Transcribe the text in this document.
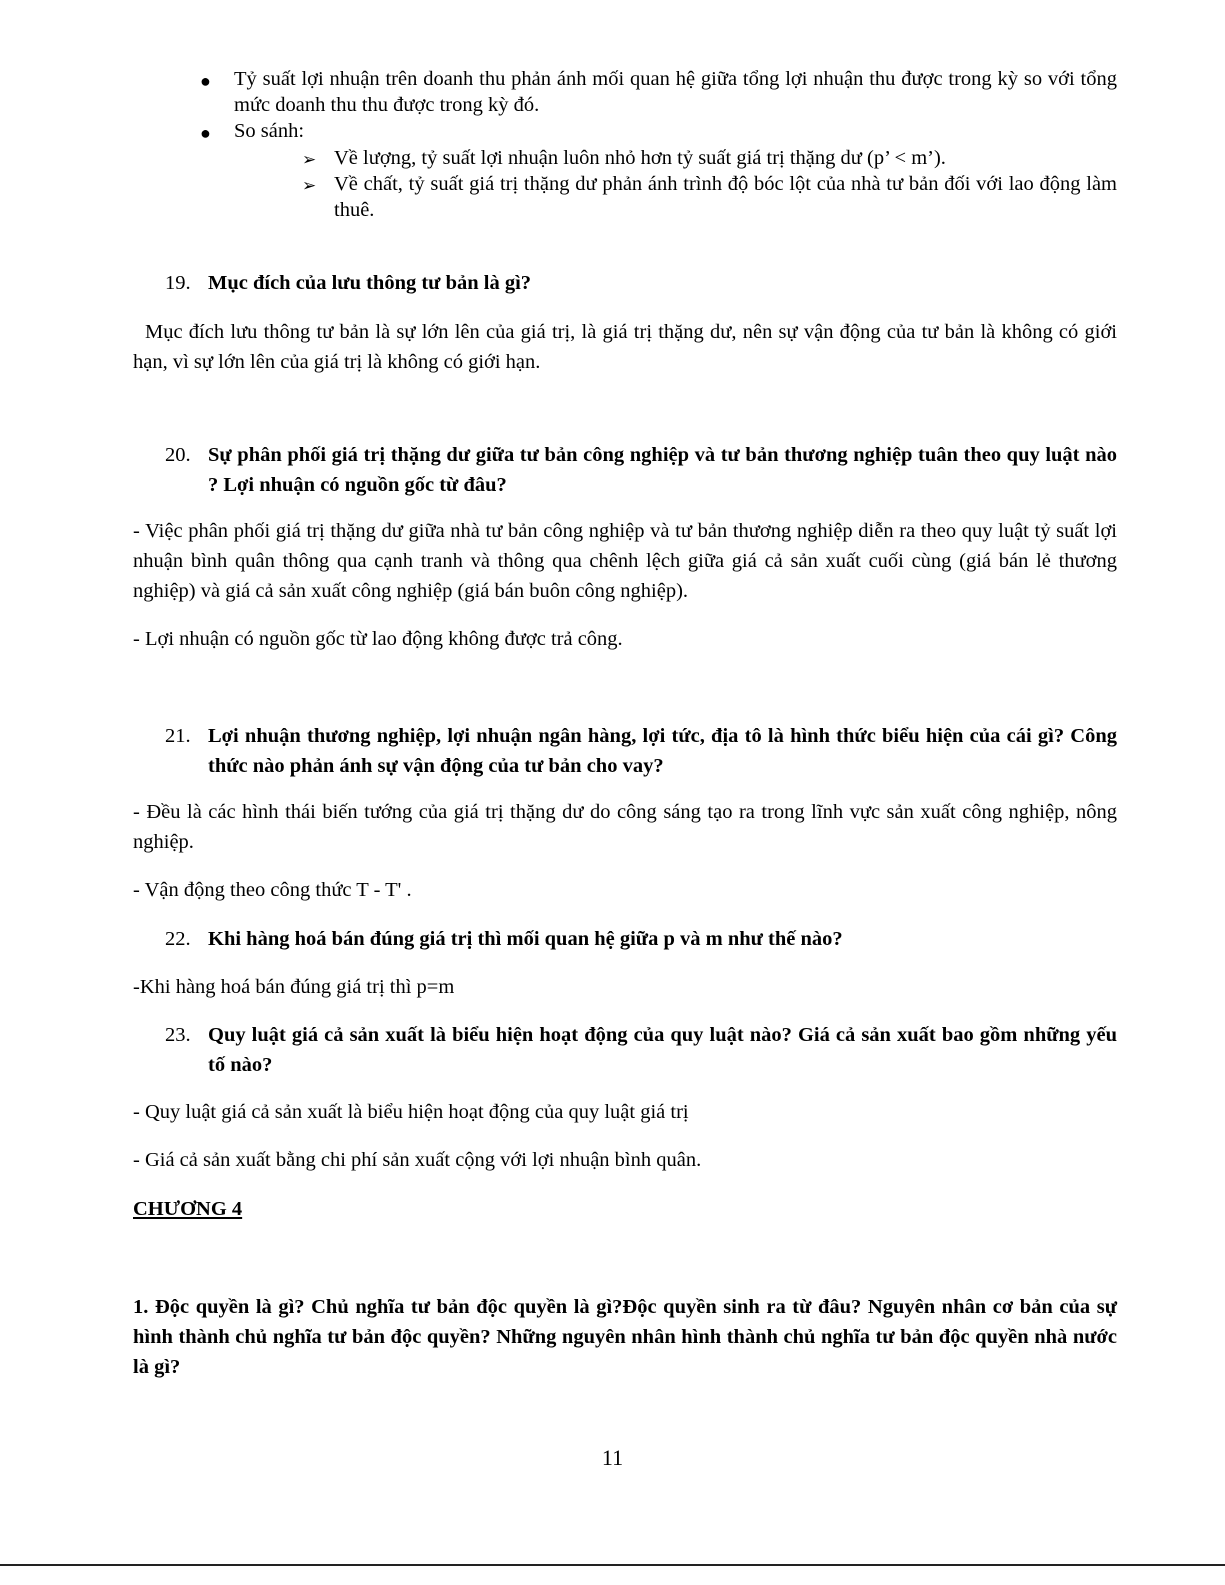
● Tỷ suất lợi nhuận trên doanh thu phản ánh mối quan hệ giữa tổng lợi nhuận thu được trong kỳ so với tổng mức doanh thu thu được trong kỳ đó.
● So sánh:
➢ Về lượng, tỷ suất lợi nhuận luôn nhỏ hơn tỷ suất giá trị thặng dư (p’ < m’).
➢ Về chất, tỷ suất giá trị thặng dư phản ánh trình độ bóc lột của nhà tư bản đối với lao động làm thuê.
19. Mục đích của lưu thông tư bản là gì?

Mục đích lưu thông tư bản là sự lớn lên của giá trị, là giá trị thặng dư, nên sự vận động của tư bản là không có giới hạn, vì sự lớn lên của giá trị là không có giới hạn.

20. Sự phân phối giá trị thặng dư giữa tư bản công nghiệp và tư bản thương nghiệp tuân theo quy luật nào ? Lợi nhuận có nguồn gốc từ đâu?

- Việc phân phối giá trị thặng dư giữa nhà tư bản công nghiệp và tư bản thương nghiệp diễn ra theo quy luật tỷ suất lợi nhuận bình quân thông qua cạnh tranh và thông qua chênh lệch giữa giá cả sản xuất cuối cùng (giá bán lẻ thương nghiệp) và giá cả sản xuất công nghiệp (giá bán buôn công nghiệp).

- Lợi nhuận có nguồn gốc từ lao động không được trả công.

21. Lợi nhuận thương nghiệp, lợi nhuận ngân hàng, lợi tức, địa tô là hình thức biểu hiện của cái gì? Công thức nào phản ánh sự vận động của tư bản cho vay?

- Đều là các hình thái biến tướng của giá trị thặng dư do công sáng tạo ra trong lĩnh vực sản xuất công nghiệp, nông nghiệp.

- Vận động theo công thức T - T' .

22. Khi hàng hoá bán đúng giá trị thì mối quan hệ giữa p và m như thế nào?

-Khi hàng hoá bán đúng giá trị thì p=m

23. Quy luật giá cả sản xuất là biểu hiện hoạt động của quy luật nào? Giá cả sản xuất bao gồm những yếu tố nào?

- Quy luật giá cả sản xuất là biểu hiện hoạt động của quy luật giá trị

- Giá cả sản xuất bằng chi phí sản xuất cộng với lợi nhuận bình quân.

CHƯƠNG 4

1. Độc quyền là gì? Chủ nghĩa tư bản độc quyền là gì?Độc quyền sinh ra từ đâu? Nguyên nhân cơ bản của sự hình thành chủ nghĩa tư bản độc quyền? Những nguyên nhân hình thành chủ nghĩa tư bản độc quyền nhà nước là gì?

11
